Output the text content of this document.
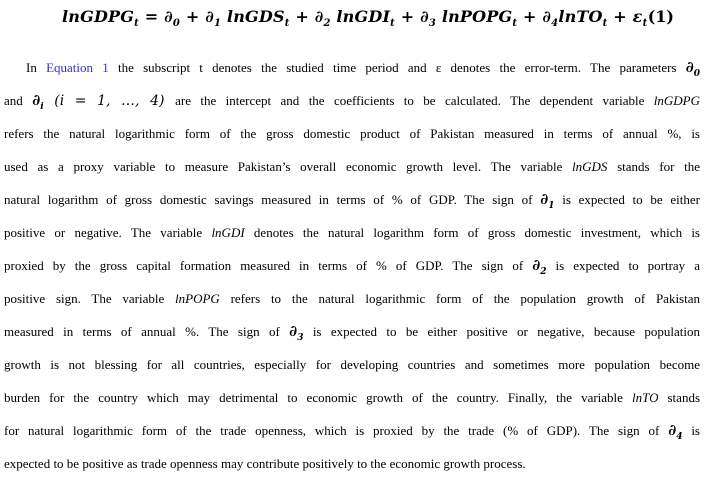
lnGDPG$_t$ = $\partial_0 + \partial_1$ lnGDS$_t$ + $\partial_2$ lnGDI$_t$ + $\partial_3$ lnPOPG$_t$ + $\partial_4lnTO_t + \varepsilon_t$ (1)
In Equation 1 the subscript t denotes the studied time period and ε denotes the error-term. The parameters $\partial_0$
and $\partial_i$ (i = 1, …, 4) are the intercept and the coefficients to be calculated. The dependent variable lnGDPG
refers the natural logarithmic form of the gross domestic product of Pakistan measured in terms of annual %, is
used as a proxy variable to measure Pakistan’s overall economic growth level. The variable lnGDS stands for the
natural logarithm of gross domestic savings measured in terms of % of GDP. The sign of $\partial_1$ is expected to be either
positive or negative. The variable lnGDI denotes the natural logarithm form of gross domestic investment, which is
proxied by the gross capital formation measured in terms of % of GDP. The sign of $\partial_2$ is expected to portray a
positive sign. The variable lnPOPG refers to the natural logarithmic form of the population growth of Pakistan
measured in terms of annual %. The sign of $\partial_3$ is expected to be either positive or negative, because population
growth is not blessing for all countries, especially for developing countries and sometimes more population become
burden for the country which may detrimental to economic growth of the country. Finally, the variable lnTO stands
for natural logarithmic form of the trade openness, which is proxied by the trade (% of GDP). The sign of $\partial_4$ is
expected to be positive as trade openness may contribute positively to the economic growth process.
